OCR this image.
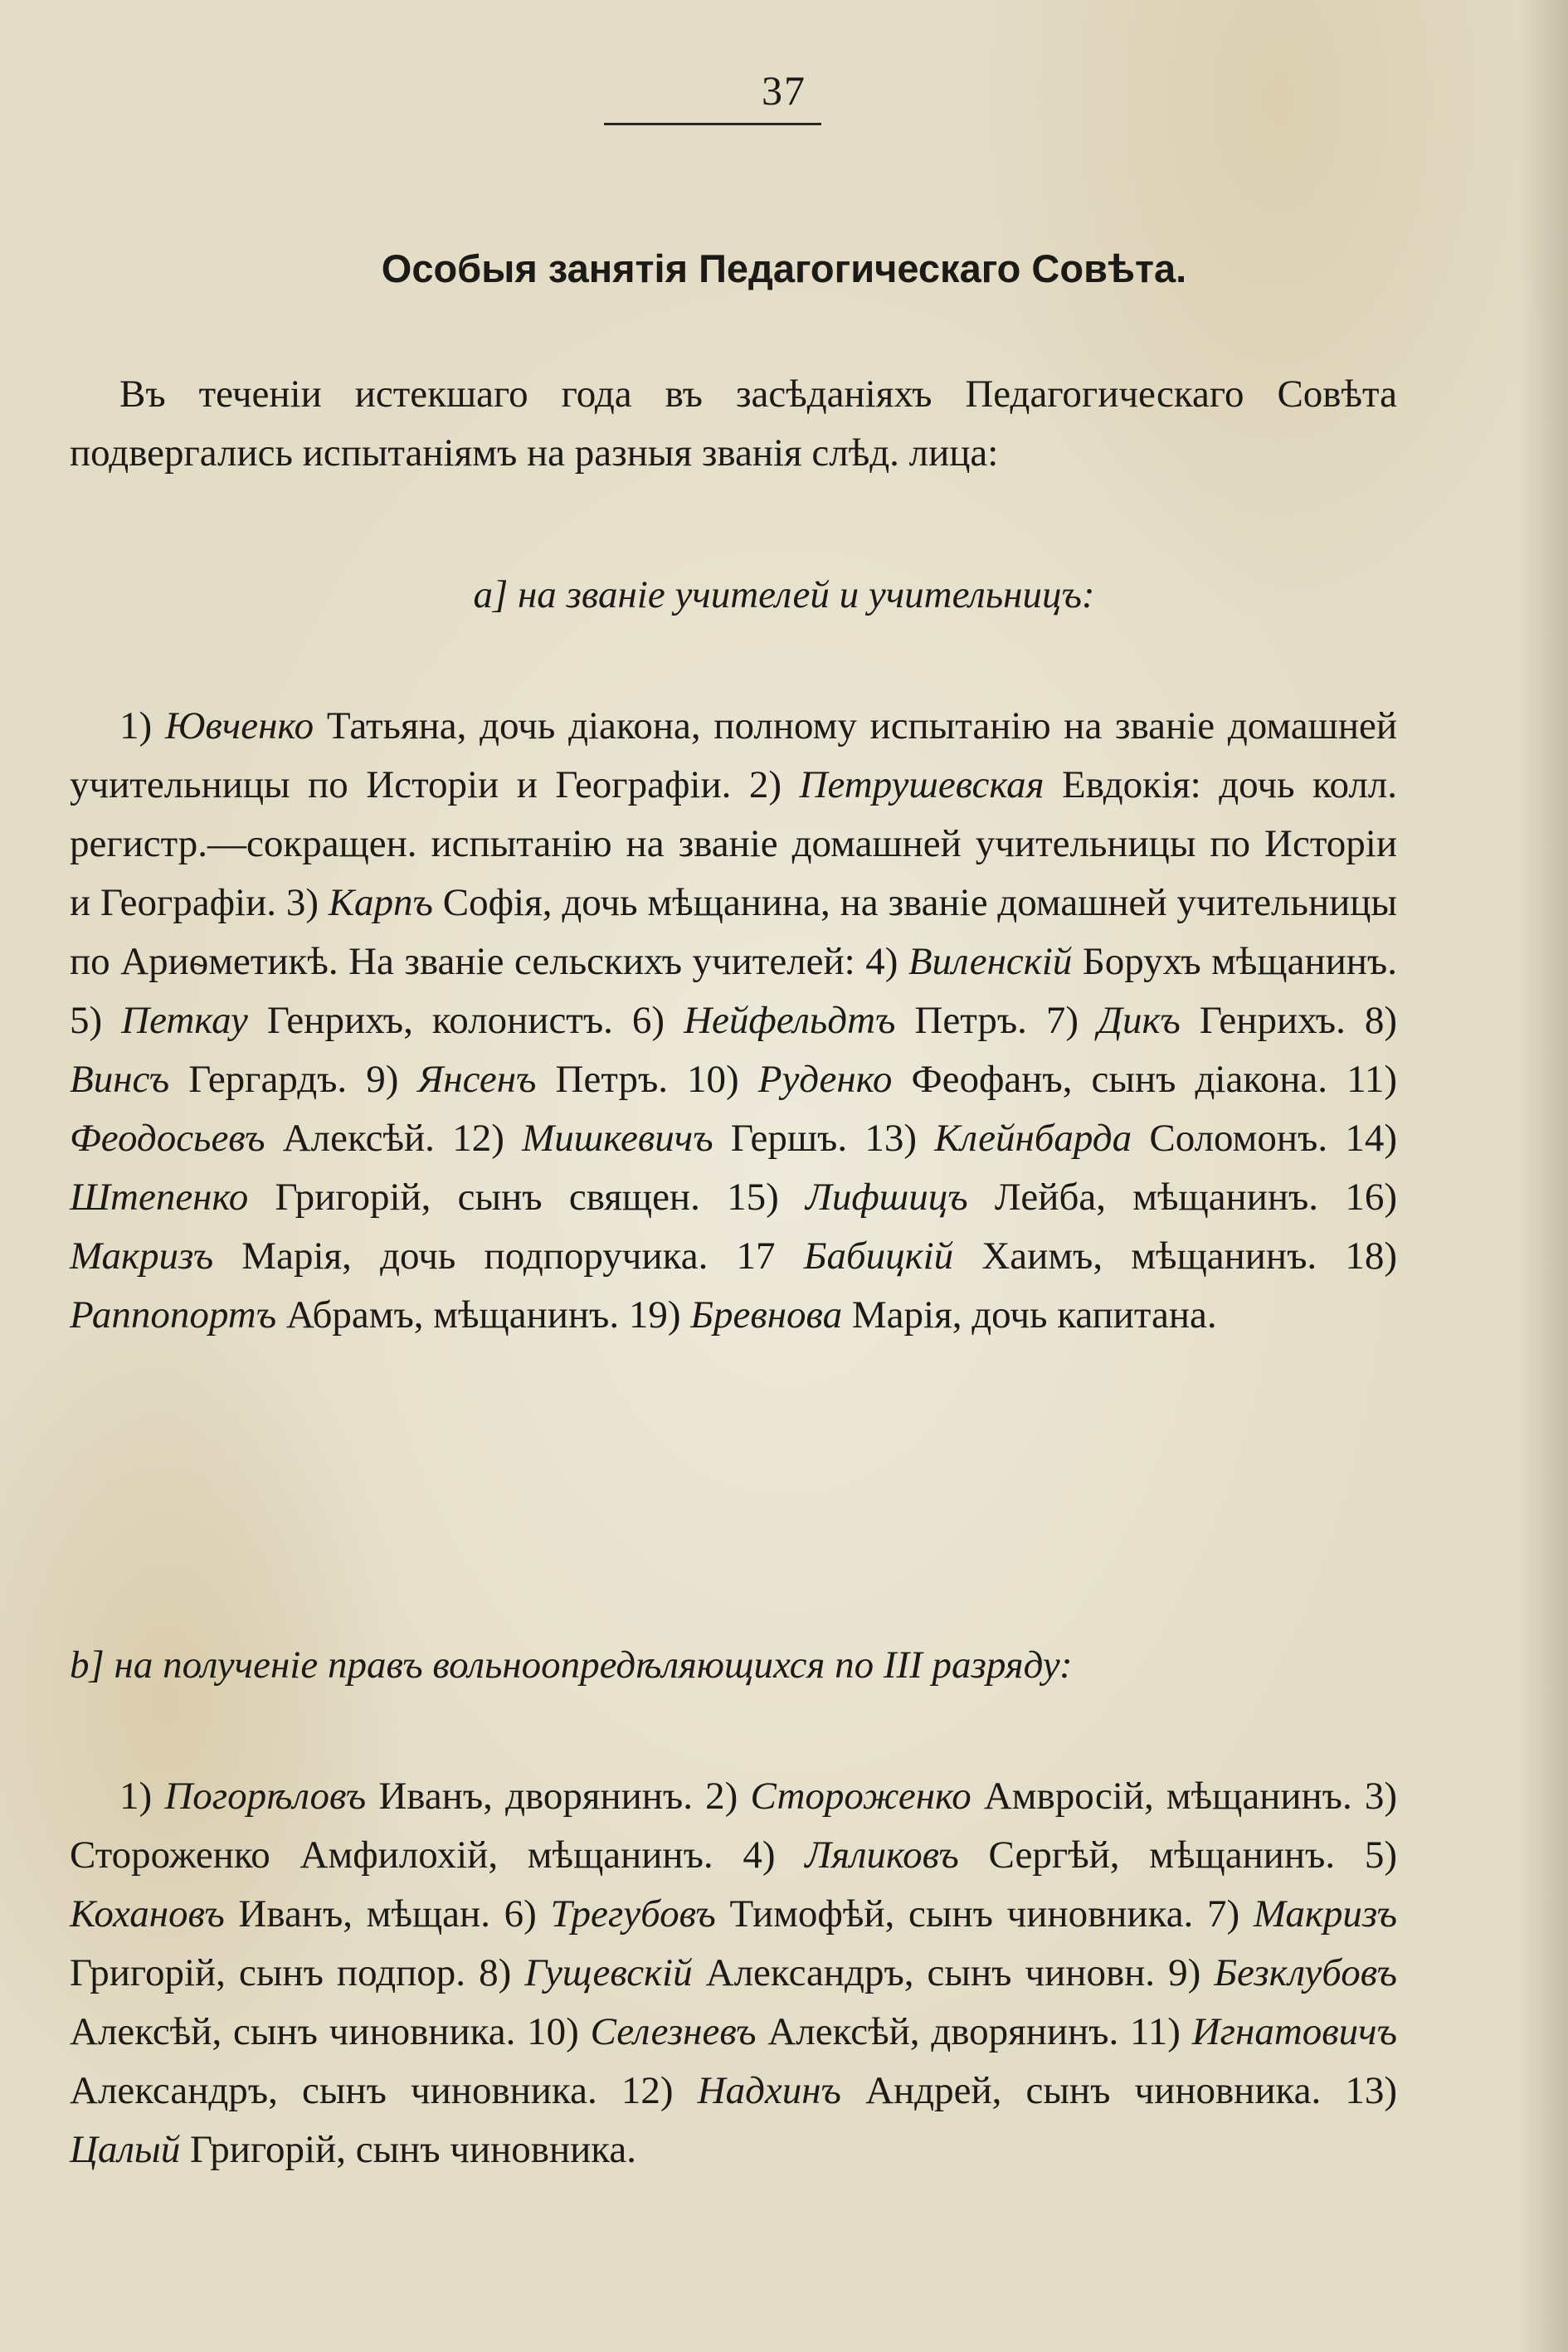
37
Особыя занятія Педагогическаго Совѣта.

Въ теченіи истекшаго года въ засѣданіяхъ Педагогическаго Совѣта подвергались испытаніямъ на разныя званія слѣд. лица:

a] на званіе учителей и учительницъ:

1) Ювченко Татьяна, дочь діакона, полному испытанію на званіе домашней учительницы по Исторіи и Географіи. 2) Петрушевская Евдокія: дочь колл. регистр.—сокращен. испытанію на званіе домашней учительницы по Исторіи и Географіи. 3) Карпъ Софія, дочь мѣщанина, на званіе домашней учительницы по Ариѳметикѣ. На званіе сельскихъ учителей: 4) Виленскій Борухъ мѣщанинъ. 5) Петкау Генрихъ, колонистъ. 6) Нейфельдтъ Петръ. 7) Дикъ Генрихъ. 8) Винсъ Гергардъ. 9) Янсенъ Петръ. 10) Руденко Феофанъ, сынъ діакона. 11) Феодосьевъ Алексѣй. 12) Мишкевичъ Гершъ. 13) Клейнбарда Соломонъ. 14) Штепенко Григорій, сынъ священ. 15) Лифшицъ Лейба, мѣщанинъ. 16) Макризъ Марія, дочь подпоручика. 17 Бабицкій Хаимъ, мѣщанинъ. 18) Раппопортъ Абрамъ, мѣщанинъ. 19) Бревнова Марія, дочь капитана.

b] на полученіе правъ вольноопредѣляющихся по III разряду:

1) Погорѣловъ Иванъ, дворянинъ. 2) Стороженко Амвросій, мѣщанинъ. 3) Стороженко Амфилохій, мѣщанинъ. 4) Ляликовъ Сергѣй, мѣщанинъ. 5) Кохановъ Иванъ, мѣщан. 6) Трегубовъ Тимофѣй, сынъ чиновника. 7) Макризъ Григорій, сынъ подпор. 8) Гущевскій Александръ, сынъ чиновн. 9) Безклубовъ Алексѣй, сынъ чиновника. 10) Селезневъ Алексѣй, дворянинъ. 11) Игнатовичъ Александръ, сынъ чиновника. 12) Надхинъ Андрей, сынъ чиновника. 13) Цалый Григорій, сынъ чиновника.
